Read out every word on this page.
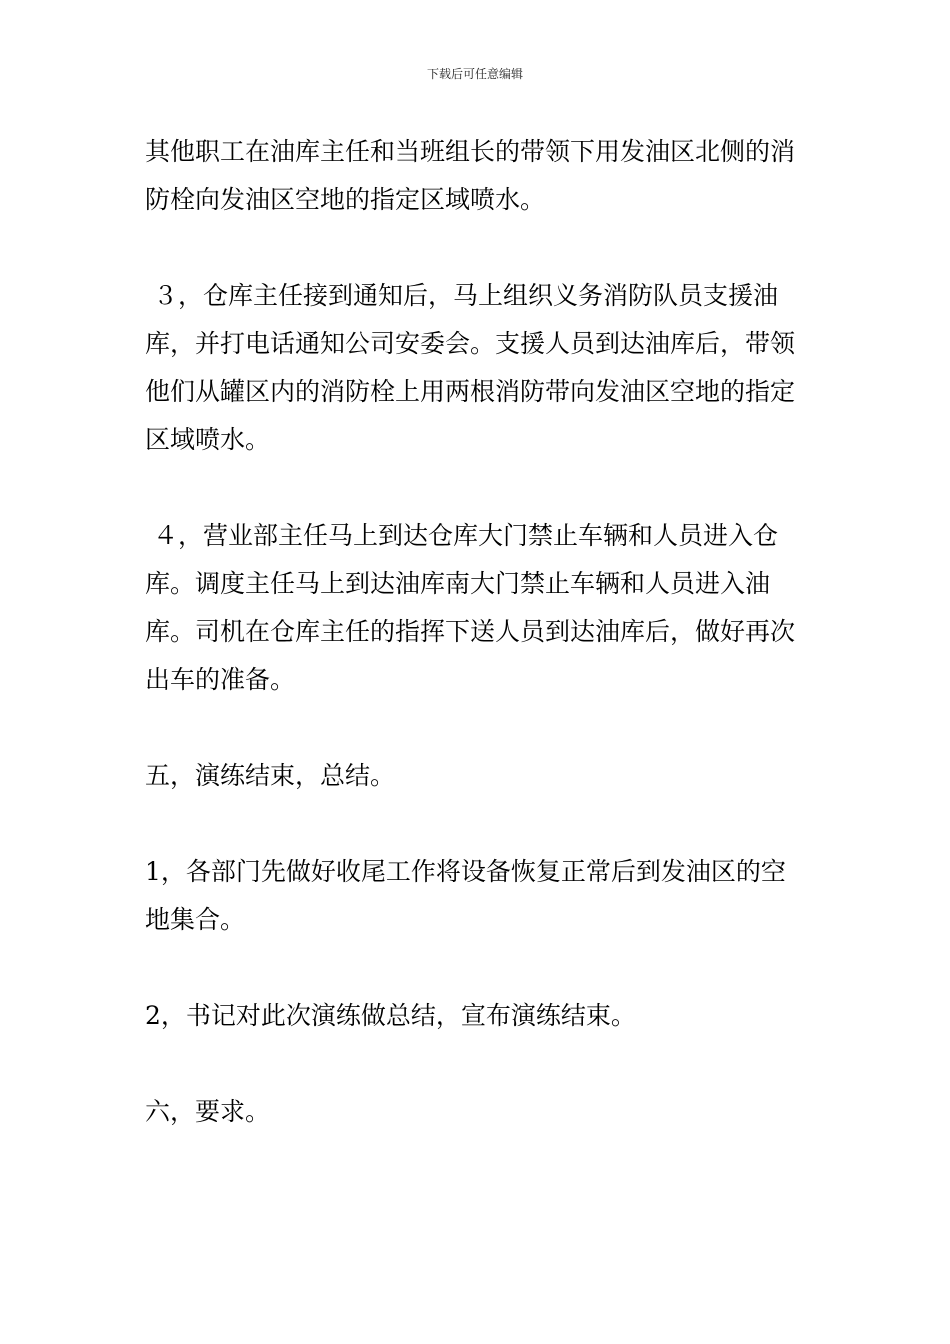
下载后可任意编辑

其他职工在油库主任和当班组长的带领下用发油区北侧的消防栓向发油区空地的指定区域喷水。

３，仓库主任接到通知后，马上组织义务消防队员支援油库，并打电话通知公司安委会。支援人员到达油库后，带领他们从罐区内的消防栓上用两根消防带向发油区空地的指定区域喷水。

４，营业部主任马上到达仓库大门禁止车辆和人员进入仓库。调度主任马上到达油库南大门禁止车辆和人员进入油库。司机在仓库主任的指挥下送人员到达油库后，做好再次出车的准备。

五，演练结束，总结。

1，各部门先做好收尾工作将设备恢复正常后到发油区的空地集合。

2，书记对此次演练做总结，宣布演练结束。

六，要求。
